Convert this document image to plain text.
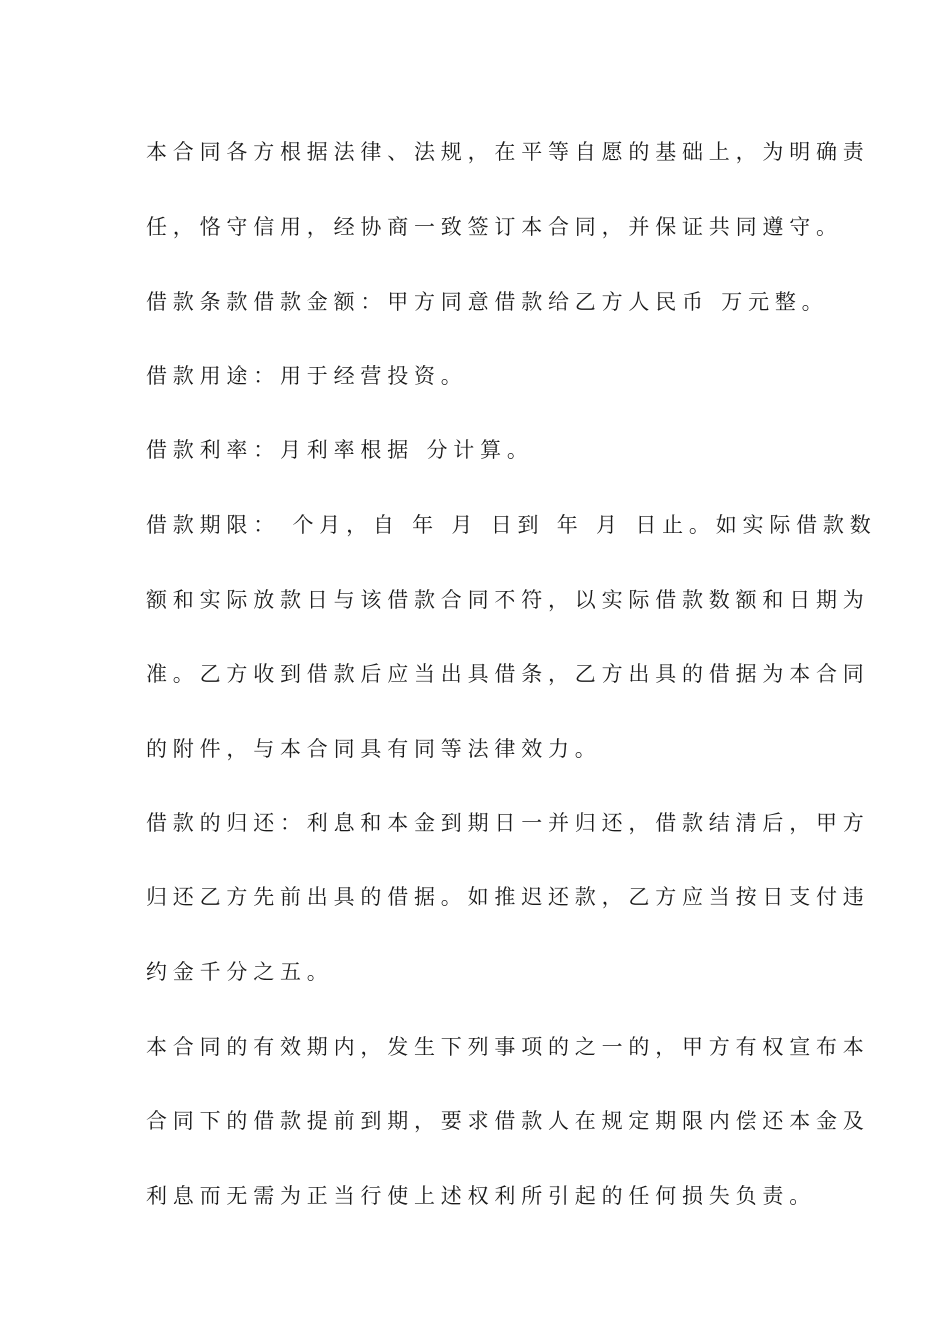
本合同各方根据法律、法规，在平等自愿的基础上，为明确责
任，恪守信用，经协商一致签订本合同，并保证共同遵守。
借款条款借款金额：甲方同意借款给乙方人民币 万元整。
借款用途：用于经营投资。
借款利率：月利率根据 分计算。
借款期限： 个月，自 年 月 日到 年 月 日止。如实际借款数
额和实际放款日与该借款合同不符，以实际借款数额和日期为
准。乙方收到借款后应当出具借条，乙方出具的借据为本合同
的附件，与本合同具有同等法律效力。
借款的归还：利息和本金到期日一并归还，借款结清后，甲方
归还乙方先前出具的借据。如推迟还款，乙方应当按日支付违
约金千分之五。
本合同的有效期内，发生下列事项的之一的，甲方有权宣布本
合同下的借款提前到期，要求借款人在规定期限内偿还本金及
利息而无需为正当行使上述权利所引起的任何损失负责。
